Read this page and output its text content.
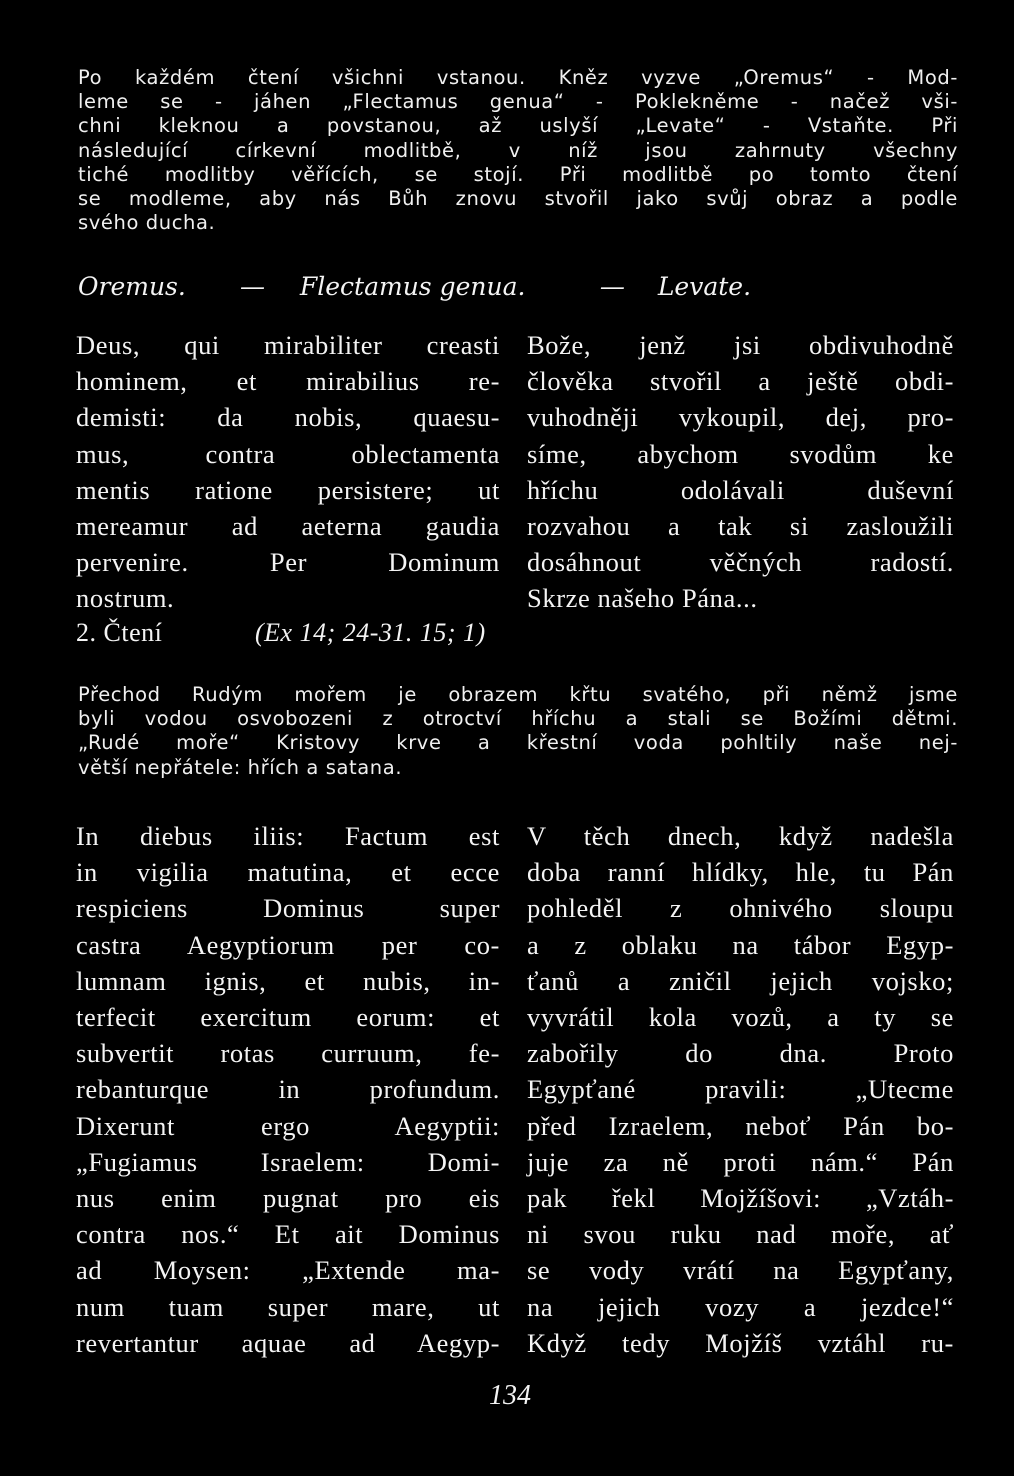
Po každém čtení všichni vstanou. Kněz vyzve „Oremus“ - Mod-
leme se - jáhen „Flectamus genua“ - Poklekněme - načež vši-
chni kleknou a povstanou, až uslyší „Levate“ - Vstaňte. Při
následující církevní modlitbě, v níž jsou zahrnuty všechny
tiché modlitby věřících, se stojí. Při modlitbě po tomto čtení
se modleme, aby nás Bůh znovu stvořil jako svůj obraz a podle
svého ducha.
Oremus. — Flectamus genua.	— Levate.
Deus, qui mirabiliter creasti
hominem, et mirabilius re-
demisti: da nobis, quaesu-
mus, contra oblectamenta
mentis ratione persistere; ut
mereamur ad aeterna gaudia
pervenire. Per Dominum
nostrum.
Bože, jenž jsi obdivuhodně
člověka stvořil a ještě obdi-
vuhodněji vykoupil, dej, pro-
síme, abychom svodům ke
hříchu odolávali duševní
rozvahou a tak si zasloužili
dosáhnout věčných radostí.
Skrze našeho Pána...
2. Čtení	(Ex 14; 24-31. 15; 1)
Přechod Rudým mořem je obrazem křtu svatého, při němž jsme
byli vodou osvobozeni z otroctví hříchu a stali se Božími dětmi.
„Rudé moře“ Kristovy krve a křestní voda pohltily naše nej-
větší nepřátele: hřích a satana.
In diebus iliis: Factum est
in vigilia matutina, et ecce
respiciens Dominus super
castra Aegyptiorum per co-
lumnam ignis, et nubis, in-
terfecit exercitum eorum: et
subvertit rotas curruum, fe-
rebanturque in profundum.
Dixerunt ergo Aegyptii:
„Fugiamus Israelem: Domi-
nus enim pugnat pro eis
contra nos.“ Et ait Dominus
ad Moysen: „Extende ma-
num tuam super mare, ut
revertantur aquae ad Aegyp-
V těch dnech, když nadešla
doba ranní hlídky, hle, tu Pán
pohleděl z ohnivého sloupu
a z oblaku na tábor Egyp-
ťanů a zničil jejich vojsko;
vyvrátil kola vozů, a ty se
zabořily do dna. Proto
Egypťané pravili: „Utecme
před Izraelem, neboť Pán bo-
juje za ně proti nám.“ Pán
pak řekl Mojžíšovi: „Vztáh-
ni svou ruku nad moře, ať
se vody vrátí na Egypťany,
na jejich vozy a jezdce!“
Když tedy Mojžíš vztáhl ru-
134
